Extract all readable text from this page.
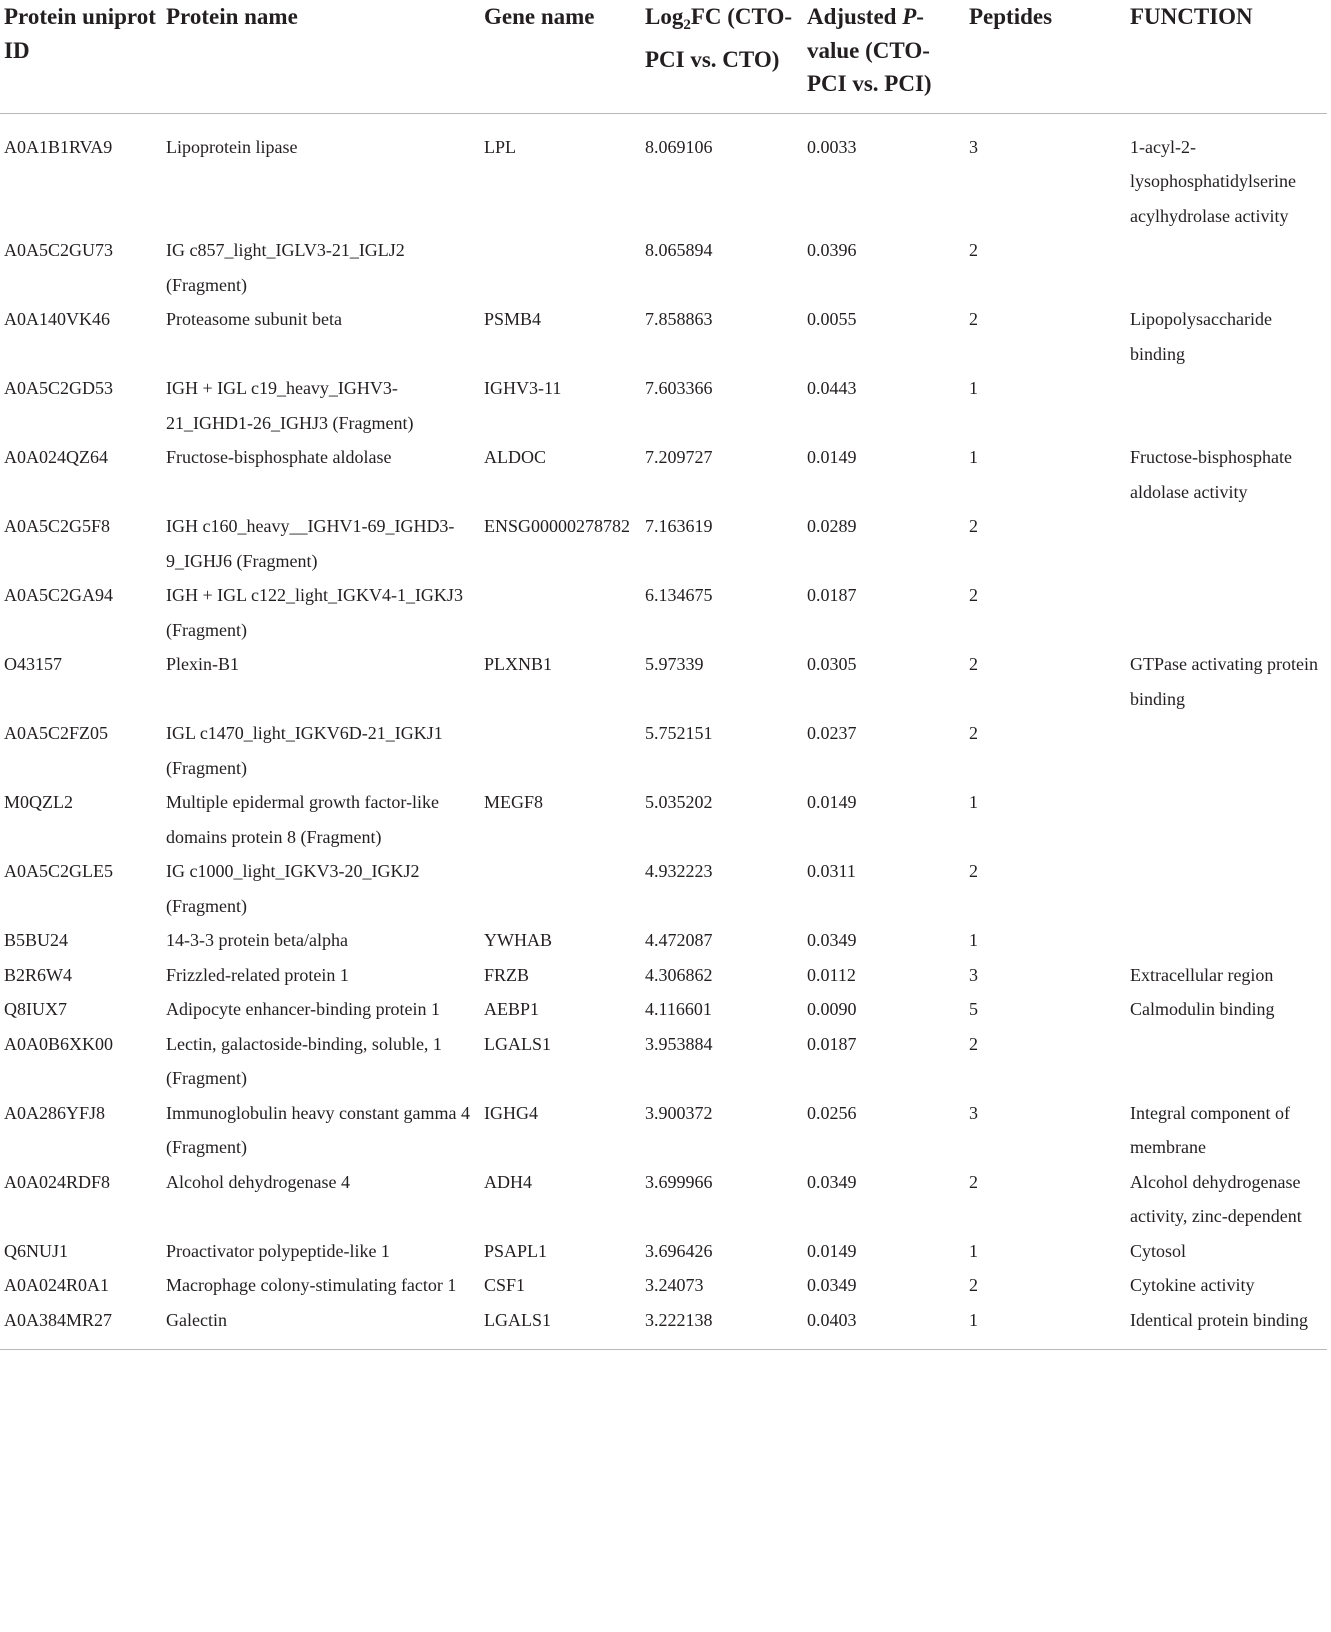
Protein uniprot ID	Protein name	Gene name	Log$_2$FC (CTO-PCI vs. CTO)	Adjusted P-value (CTO-PCI vs. PCI)	Peptides	FUNCTION
A0A1B1RVA9	Lipoprotein lipase	LPL	8.069106	0.0033	3	1-acyl-2-lysophosphatidylserine acylhydrolase activity
A0A5C2GU73	IG c857_light_IGLV3-21_IGLJ2 (Fragment)		8.065894	0.0396	2	
A0A140VK46	Proteasome subunit beta	PSMB4	7.858863	0.0055	2	Lipopolysaccharide binding
A0A5C2GD53	IGH + IGL c19_heavy_IGHV3-21_IGHD1-26_IGHJ3 (Fragment)	IGHV3-11	7.603366	0.0443	1	
A0A024QZ64	Fructose-bisphosphate aldolase	ALDOC	7.209727	0.0149	1	Fructose-bisphosphate aldolase activity
A0A5C2G5F8	IGH c160_heavy__IGHV1-69_IGHD3-9_IGHJ6 (Fragment)	ENSG00000278782	7.163619	0.0289	2	
A0A5C2GA94	IGH + IGL c122_light_IGKV4-1_IGKJ3 (Fragment)		6.134675	0.0187	2	
O43157	Plexin-B1	PLXNB1	5.97339	0.0305	2	GTPase activating protein binding
A0A5C2FZ05	IGL c1470_light_IGKV6D-21_IGKJ1 (Fragment)		5.752151	0.0237	2	
M0QZL2	Multiple epidermal growth factor-like domains protein 8 (Fragment)	MEGF8	5.035202	0.0149	1	
A0A5C2GLE5	IG c1000_light_IGKV3-20_IGKJ2 (Fragment)		4.932223	0.0311	2	
B5BU24	14-3-3 protein beta/alpha	YWHAB	4.472087	0.0349	1	
B2R6W4	Frizzled-related protein 1	FRZB	4.306862	0.0112	3	Extracellular region
Q8IUX7	Adipocyte enhancer-binding protein 1	AEBP1	4.116601	0.0090	5	Calmodulin binding
A0A0B6XK00	Lectin, galactoside-binding, soluble, 1 (Fragment)	LGALS1	3.953884	0.0187	2	
A0A286YFJ8	Immunoglobulin heavy constant gamma 4 (Fragment)	IGHG4	3.900372	0.0256	3	Integral component of membrane
A0A024RDF8	Alcohol dehydrogenase 4	ADH4	3.699966	0.0349	2	Alcohol dehydrogenase activity, zinc-dependent
Q6NUJ1	Proactivator polypeptide-like 1	PSAPL1	3.696426	0.0149	1	Cytosol
A0A024R0A1	Macrophage colony-stimulating factor 1	CSF1	3.24073	0.0349	2	Cytokine activity
A0A384MR27	Galectin	LGALS1	3.222138	0.0403	1	Identical protein binding
